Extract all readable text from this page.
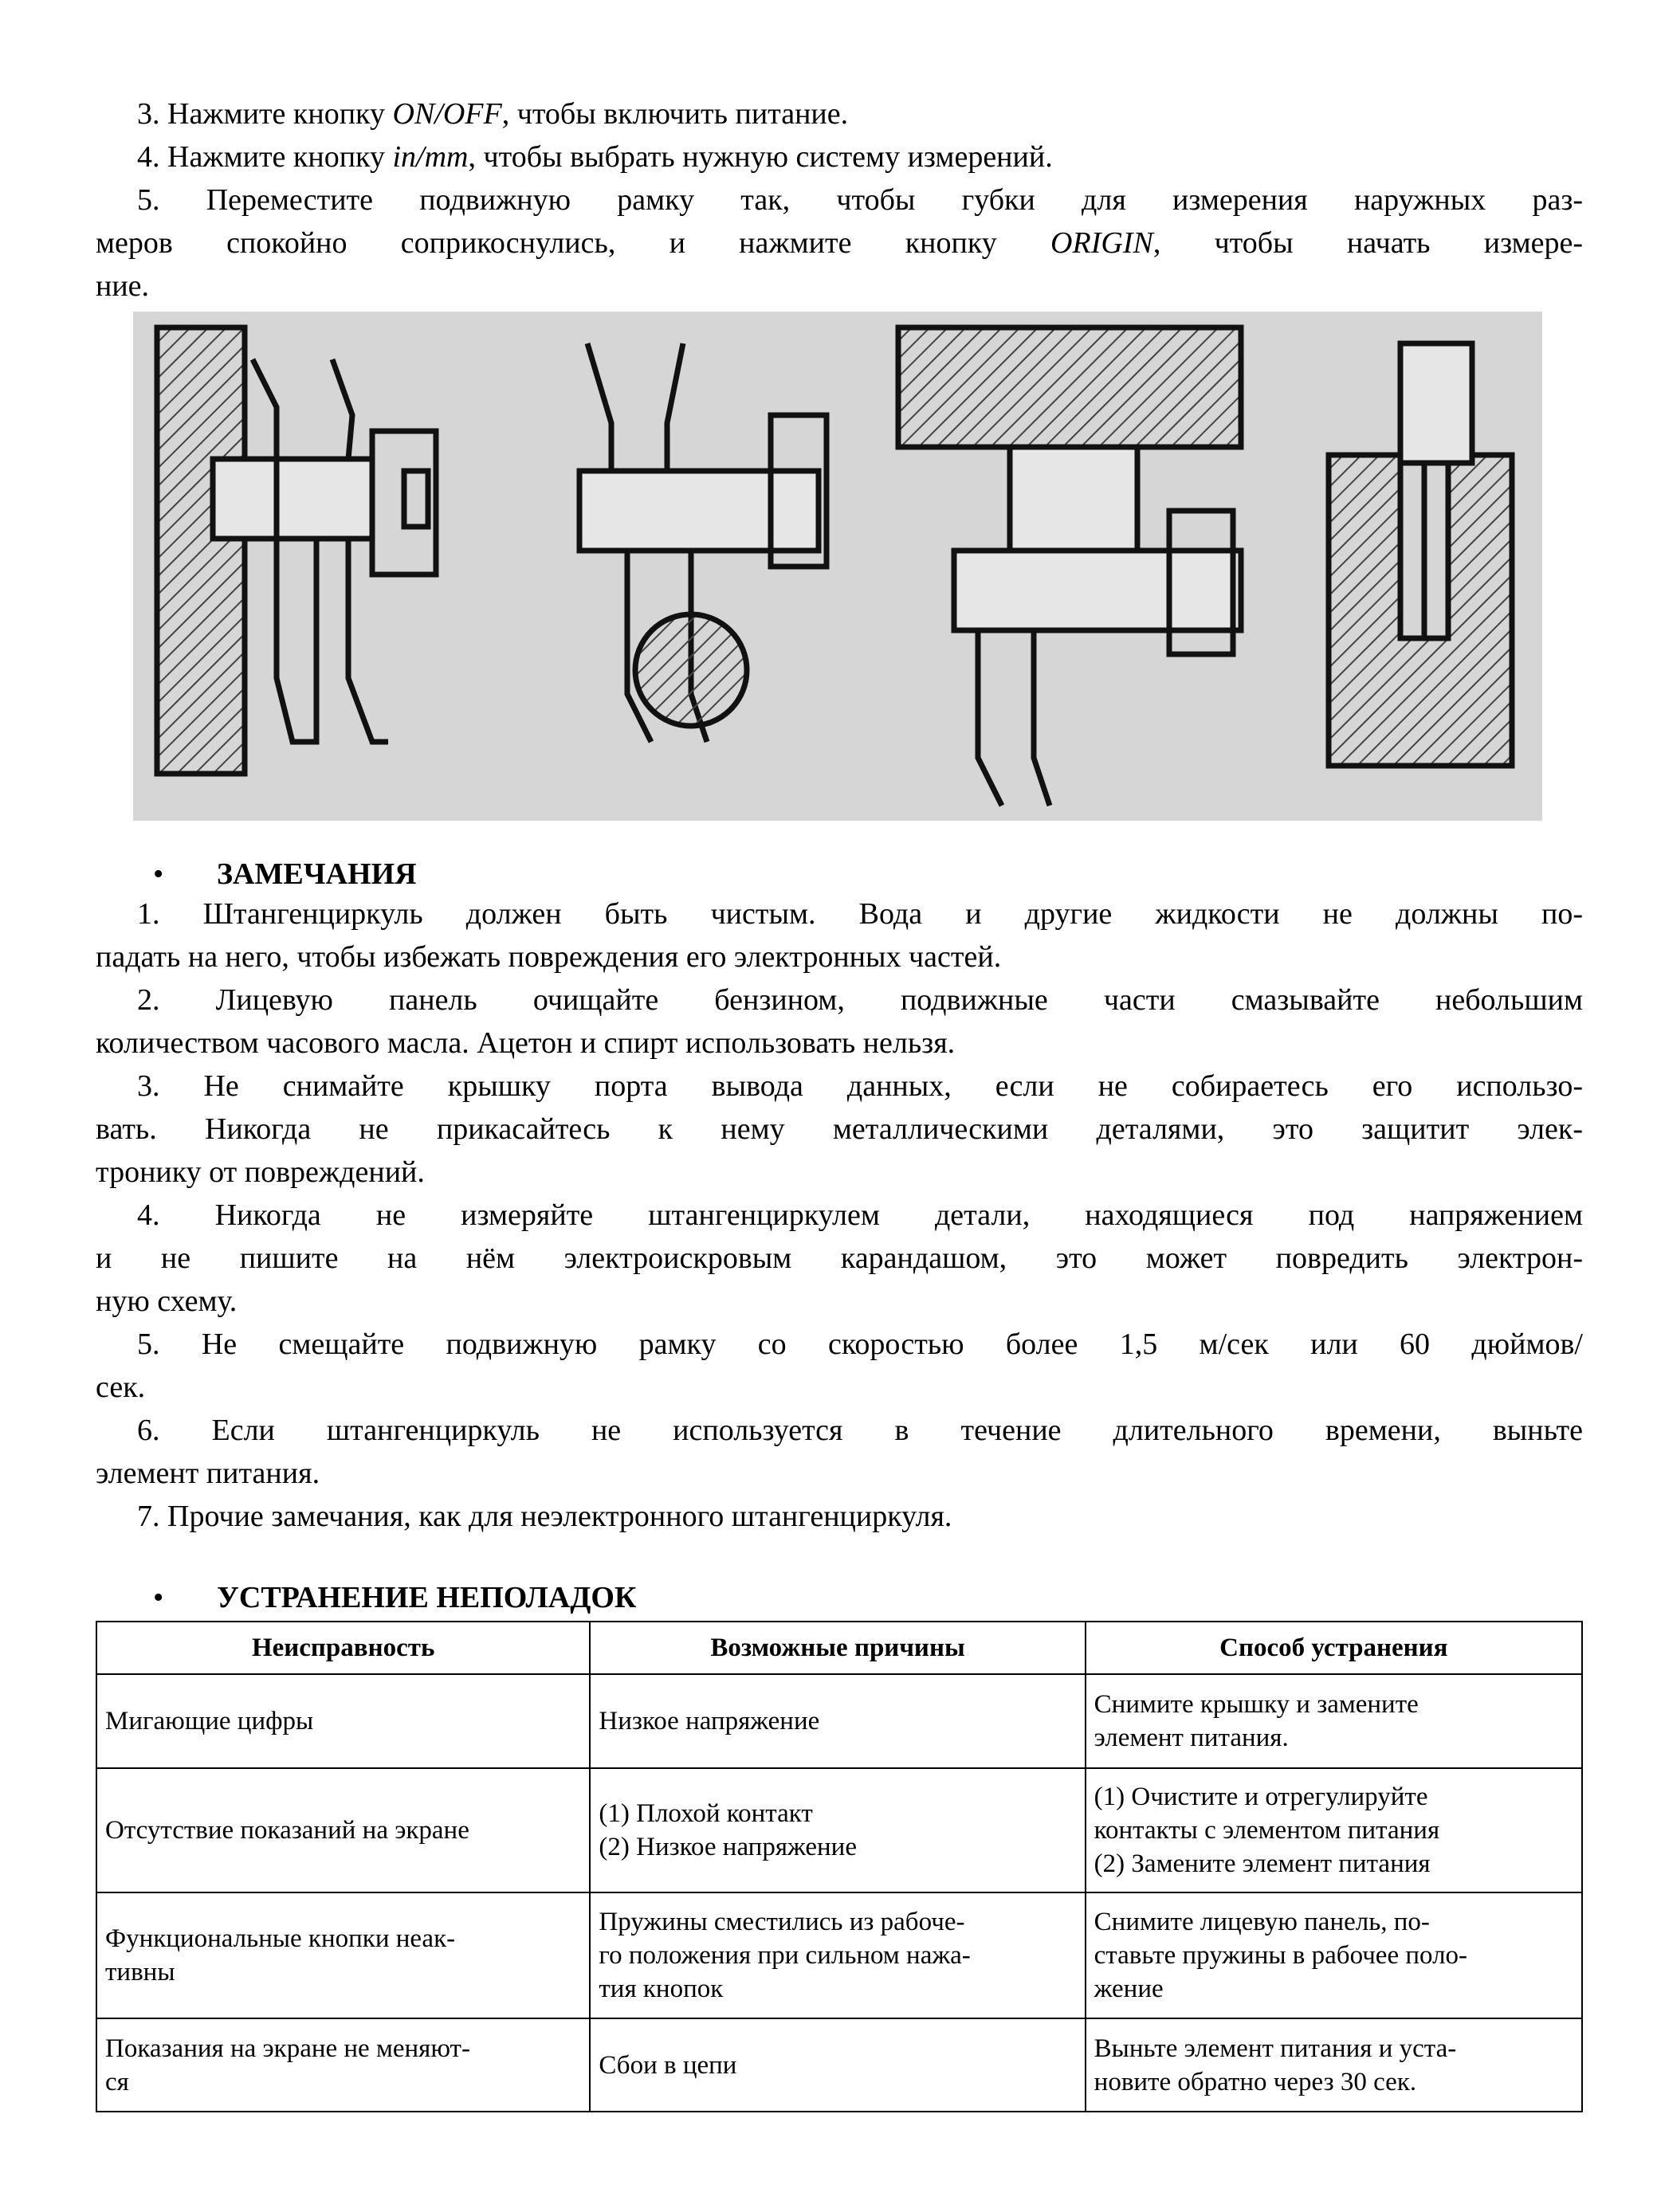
3. Нажмите кнопку ON/OFF, чтобы включить питание.
4. Нажмите кнопку in/mm, чтобы выбрать нужную систему измерений.
5. Переместите подвижную рамку так, чтобы губки для измерения наружных раз-
меров спокойно соприкоснулись, и нажмите кнопку ORIGIN, чтобы начать измере-
ние.
• ЗАМЕЧАНИЯ
1. Штангенциркуль должен быть чистым. Вода и другие жидкости не должны по-
падать на него, чтобы избежать повреждения его электронных частей.
2. Лицевую панель очищайте бензином, подвижные части смазывайте небольшим
количеством часового масла. Ацетон и спирт использовать нельзя.
3. Не снимайте крышку порта вывода данных, если не собираетесь его использо-
вать. Никогда не прикасайтесь к нему металлическими деталями, это защитит элек-
тронику от повреждений.
4. Никогда не измеряйте штангенциркулем детали, находящиеся под напряжением
и не пишите на нём электроискровым карандашом, это может повредить электрон-
ную схему.
5. Не смещайте подвижную рамку со скоростью более 1,5 м/сек или 60 дюймов/
сек.
6. Если штангенциркуль не используется в течение длительного времени, выньте
элемент питания.
7. Прочие замечания, как для неэлектронного штангенциркуля.
• УСТРАНЕНИЕ НЕПОЛАДОК
Неисправность	Возможные причины	Способ устранения
Мигающие цифры	Низкое напряжение	Снимите крышку и замените
элемент питания.
Отсутствие показаний на экране	(1) Плохой контакт
(2) Низкое напряжение	(1) Очистите и отрегулируйте
контакты с элементом питания
(2) Замените элемент питания
Функциональные кнопки неак-
тивны	Пружины сместились из рабоче-
го положения при сильном нажа-
тия кнопок	Снимите лицевую панель, по-
ставьте пружины в рабочее поло-
жение
Показания на экране не меняют-
ся	Сбои в цепи	Выньте элемент питания и уста-
новите обратно через 30 сек.
